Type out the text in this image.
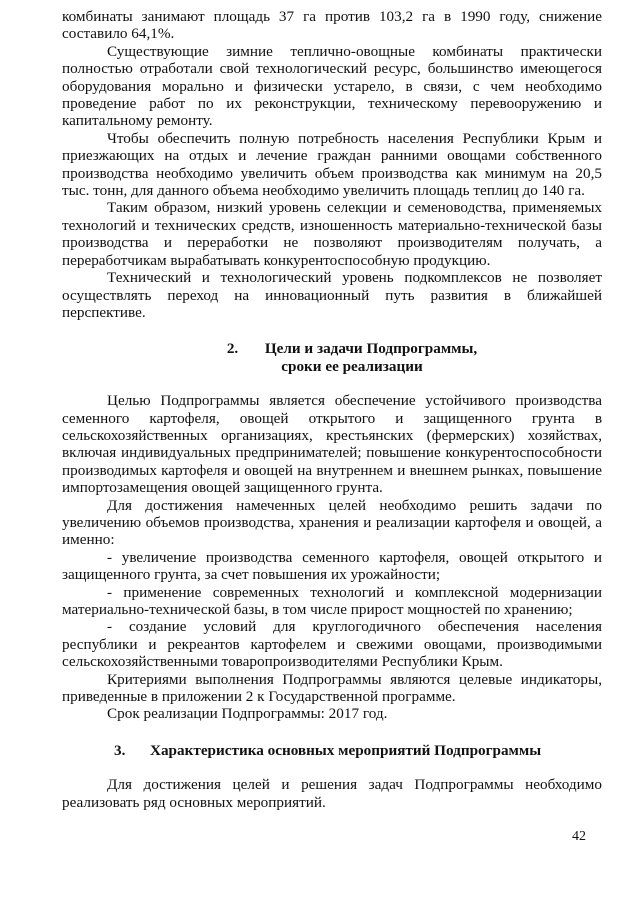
комбинаты занимают площадь 37 га против 103,2 га в 1990 году, снижение составило 64,1%.

Существующие зимние теплично-овощные комбинаты практически полностью отработали свой технологический ресурс, большинство имеющегося оборудования морально и физически устарело, в связи, с чем необходимо проведение работ по их реконструкции, техническому перевооружению и капитальному ремонту.

Чтобы обеспечить полную потребность населения Республики Крым и приезжающих на отдых и лечение граждан ранними овощами собственного производства необходимо увеличить объем производства как минимум на 20,5 тыс. тонн, для данного объема необходимо увеличить площадь теплиц до 140 га.

Таким образом, низкий уровень селекции и семеноводства, применяемых технологий и технических средств, изношенность материально-технической базы производства и переработки не позволяют производителям получать, а переработчикам вырабатывать конкурентоспособную продукцию.

Технический и технологический уровень подкомплексов не позволяет осуществлять переход на инновационный путь развития в ближайшей перспективе.

2. Цели и задачи Подпрограммы,
сроки ее реализации

Целью Подпрограммы является обеспечение устойчивого производства семенного картофеля, овощей открытого и защищенного грунта в сельскохозяйственных организациях, крестьянских (фермерских) хозяйствах, включая индивидуальных предпринимателей; повышение конкурентоспособности производимых картофеля и овощей на внутреннем и внешнем рынках, повышение импортозамещения овощей защищенного грунта.

Для достижения намеченных целей необходимо решить задачи по увеличению объемов производства, хранения и реализации картофеля и овощей, а именно:

- увеличение производства семенного картофеля, овощей открытого и защищенного грунта, за счет повышения их урожайности;

- применение современных технологий и комплексной модернизации материально-технической базы, в том числе прирост мощностей по хранению;

- создание условий для круглогодичного обеспечения населения республики и рекреантов картофелем и свежими овощами, производимыми сельскохозяйственными товаропроизводителями Республики Крым.

Критериями выполнения Подпрограммы являются целевые индикаторы, приведенные в приложении 2 к Государственной программе.

Срок реализации Подпрограммы: 2017 год.

3. Характеристика основных мероприятий Подпрограммы

Для достижения целей и решения задач Подпрограммы необходимо реализовать ряд основных мероприятий.

42
